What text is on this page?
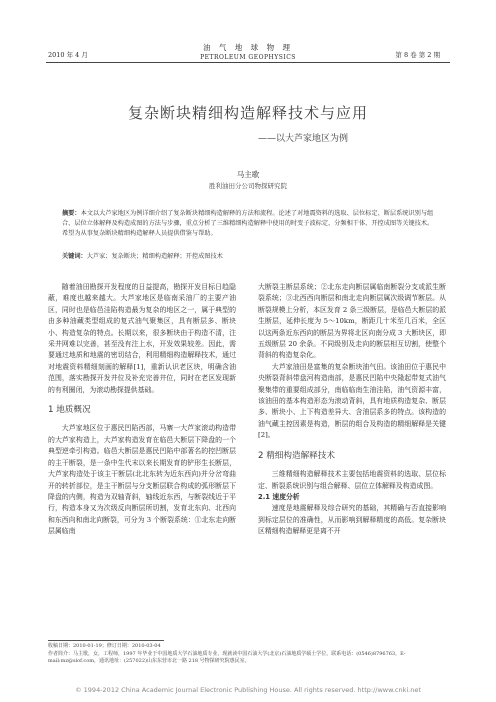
2010 年 4 月
油 气 地 球 物 理
PETROLEUM GEOPHYSICS	第 8 卷 第 2 期
复杂断块精细构造解释技术与应用
——以大芦家地区为例
马主歌
胜利油田分公司物探研究院
摘要：本文以大芦家地区为例详细介绍了复杂断块精细构造解释的方法和流程。论述了对地震资料的选取、层位标定、断层系统识别与组合、层位立体解释及构造成图的方法与步骤，重点分析了三维精细构造解释中使用的时变子波标定、分频相干体、开控成图等关键技术。希望为从事复杂断块精细构造解释人员提供借鉴与帮助。
关键词：大芦家；复杂断块；精细构造解释；开控成图技术

随着油田勘探开发程度的日益提高，勘探开发目标日趋隐蔽，难度也越来越大。大芦家地区是临南采油厂的主要产油区，同时也是临邑洼陷构造最为复杂的地区之一，属于典型的由多种油藏类型组成的复式油气聚集区，具有断层多、断块小、构造复杂的特点。长期以来，很多断块由于构造不清，注采井网难以完善，甚至没有注上水，开发效果较差。因此，需要通过地质和地震的密切结合，利用精细构造解释技术，通过对地震资料精细刻画的解释[1]，重新认识老区块，明确含油范围，落实勘探开发井位及补充完善井位，同时在老区发现新的有利圈闭，为滚动勘探提供基础。

1 地质概况

大芦家地区位于惠民凹陷西部，马寨一大芦家滚动构造带的大芦家构造上，大芦家构造发育在临邑大断层下降盘的一个典型逆牵引构造。临邑大断层是惠民凹陷中部著名的控凹断层的主干断裂，是一条中生代末以来长期发育的铲形生长断层，大芦家构造处于该主干断层(北北东转为近东西向)并分岔弯曲开的转折部位，是主干断层与分支断层联合构成的弧形断层下降盘的内侧，构造为双轴背斜，轴线近东西，与断裂线近于平行，构造本身又为次级反向断层所切割，发育北东向、北西向和东西向和南北向断裂，可分为 3 个断裂系统：①北东走向断层属临南

大断裂主断层系统；②北东走向断层属临南断裂分支或派生断裂系统；③北西西向断层和南北走向断层属次级调节断层。从断裂规模上分析，本区发育 2 条三级断层，是临邑大断层的派生断层，延伸长度为 5～10km，断距几十米至几百米，全区以这两条近东西向的断层为界将北区向南分成 3 大断块区，即五级断层 20 余条。不同级别及走向的断层相互切割，使整个背斜的构造复杂化。

大芦家油田是富集的复杂断块油气田。该油田位于惠民中央断裂背斜带盘河构造南部，是惠民凹陷中央隆起带复式油气聚集带的重要组成部分，南临临南生油洼陷，油气资源丰富，该油田的基本构造形态为滚动背斜，具有地质构造复杂、断层多、断块小、上下构造差异大、含油层系多的特点。该构造的油气藏主控因素是构造，断层的组合及构造的精细解释是关键[2]。

2 精细构造解释技术

三维精细构造解释技术主要包括地震资料的选取、层位标定、断裂系统识别与组合解释、层位立体解释及构造成图。

2.1 速度分析

速度是地震解释及综合研究的基础，其精确与否直接影响到标定层位的准确性，从而影响到解释精度的高低。复杂断块区精细构造解释更是离不开

收稿日期：2010-01-19；修订日期：2010-03-04
作者简介：马主歌，女，工程师，1997 年毕业于中国地质大学石油地质专业，现就读中国石油大学(北京)石油地质学硕士学位，联系电话：(0546)8796763，E-mail:mz@slof.com，通讯地址：(257022)山东东营市北一路 218 号物探研究院惠民室。
© 1994-2012 China Academic Journal Electronic Publishing House. All rights reserved. http://www.cnki.net
